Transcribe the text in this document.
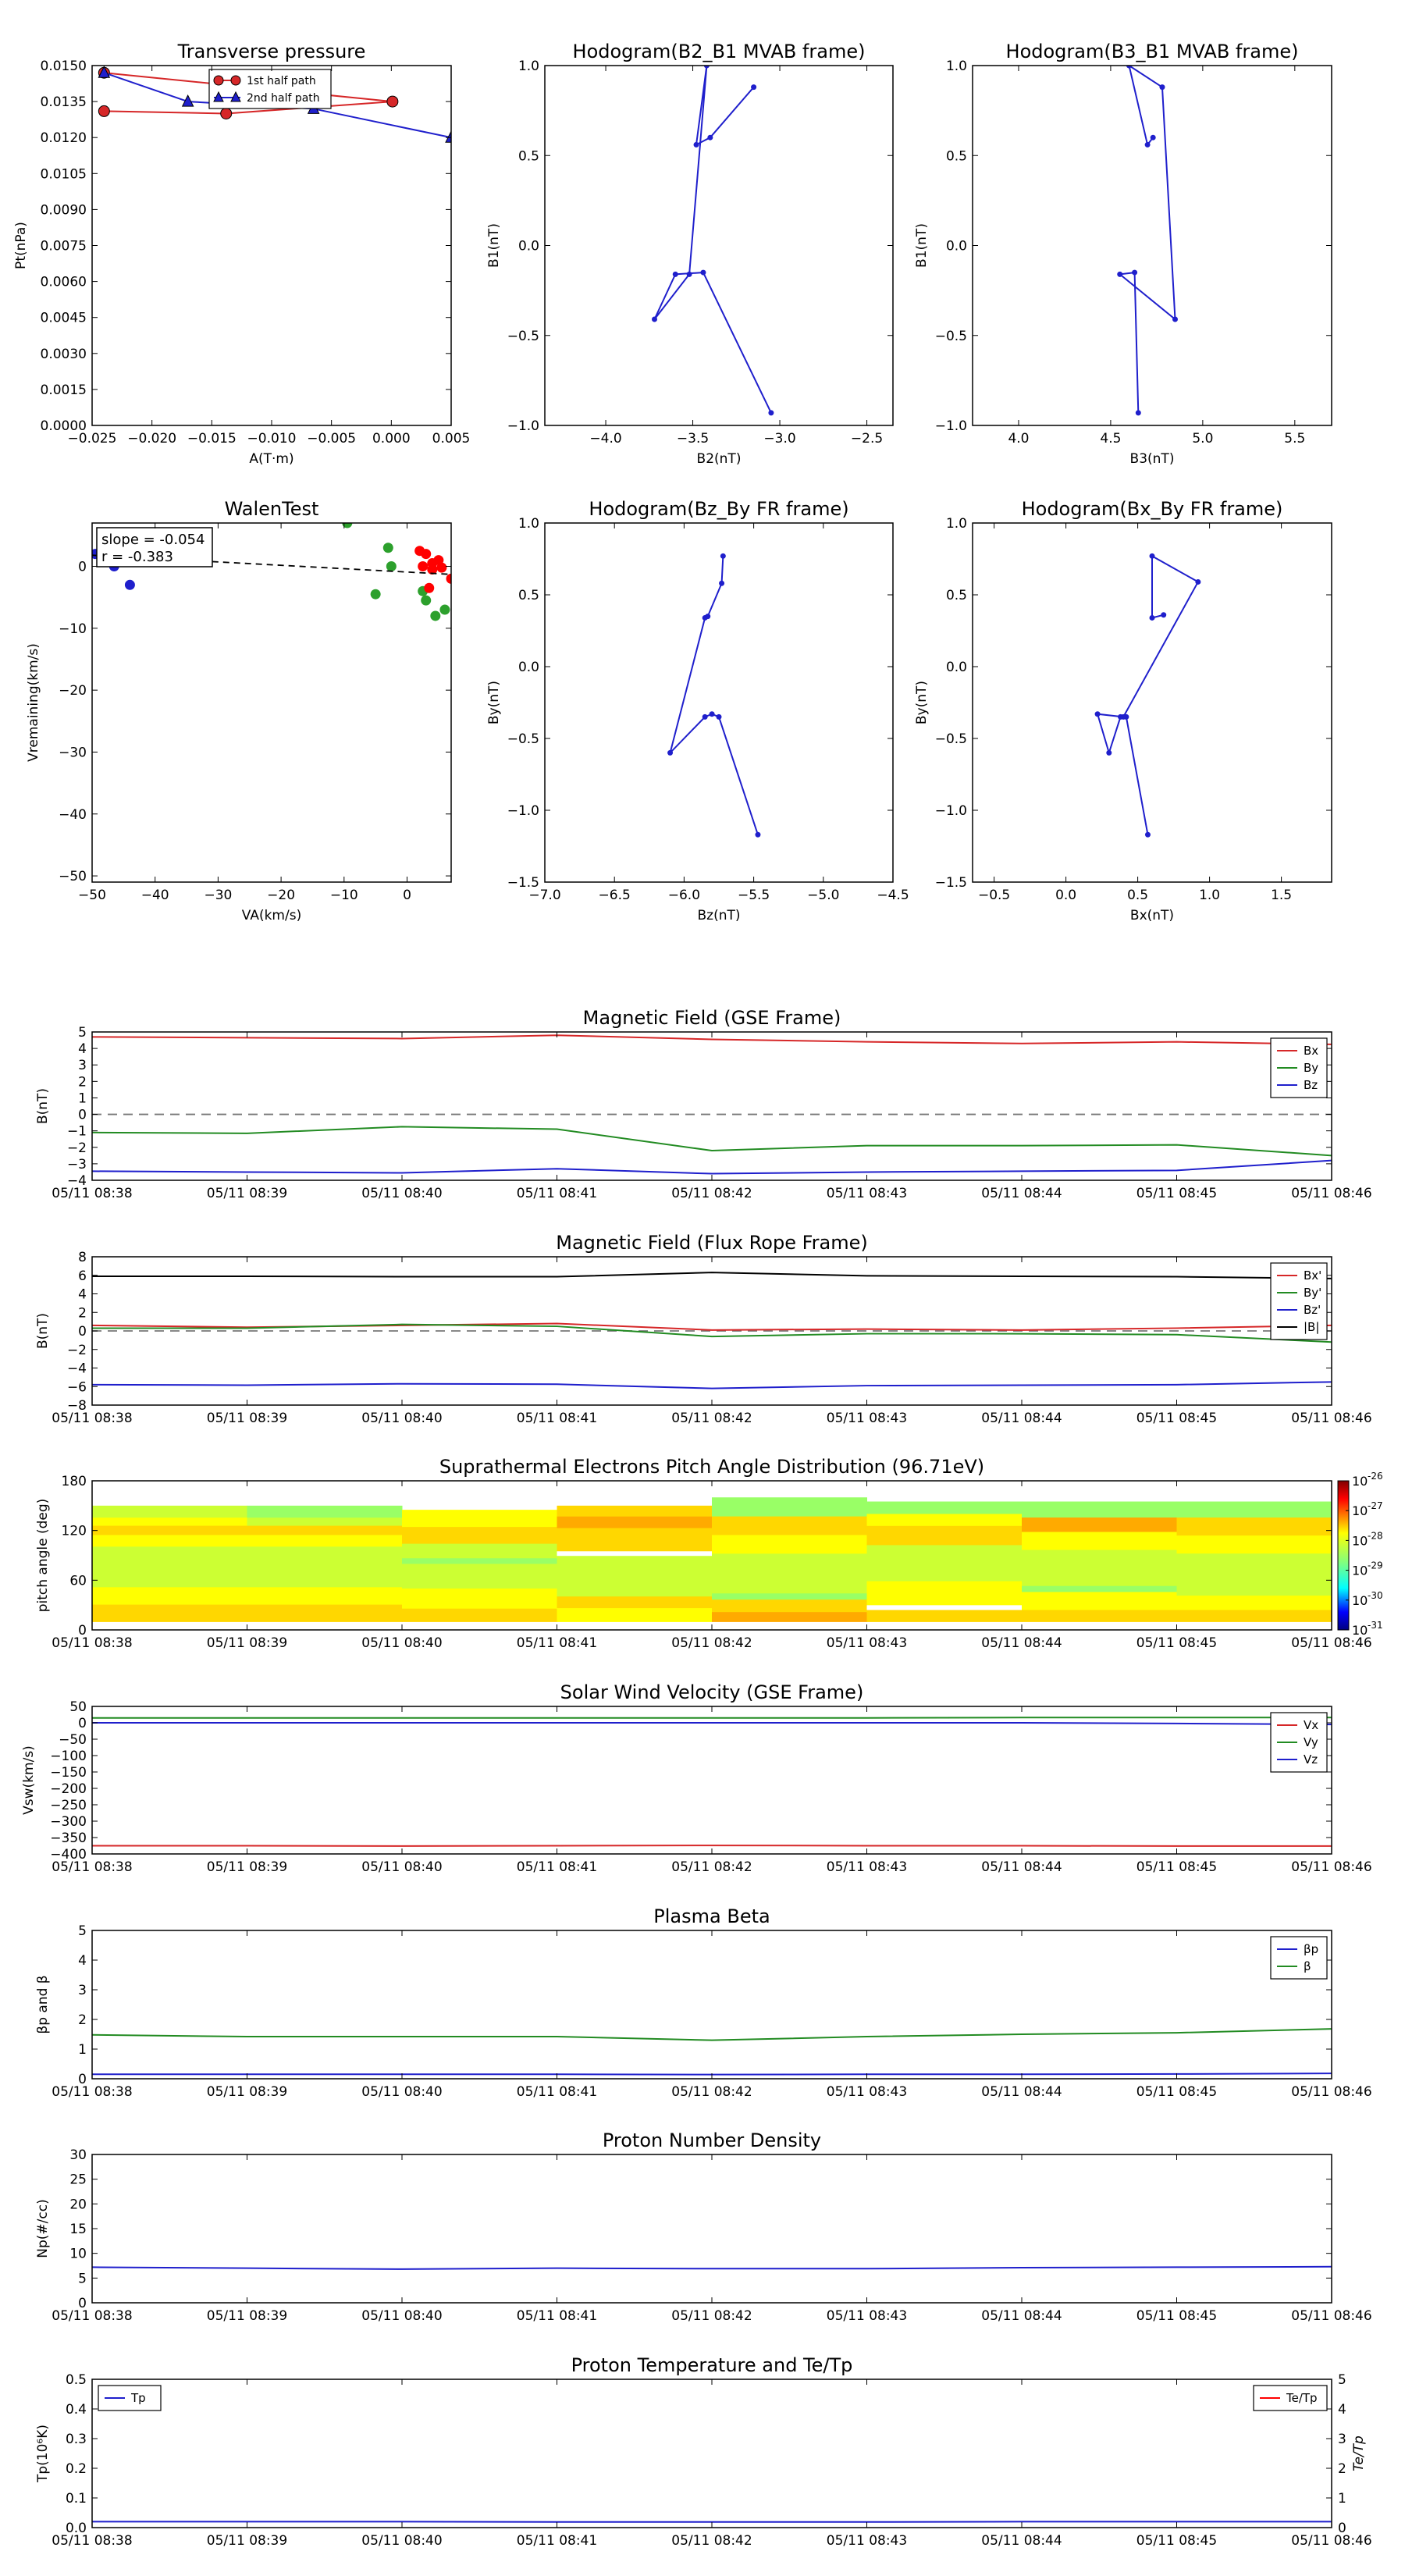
1st half path
2nd half path
−0.025 −0.020 −0.015 −0.010 −0.005 0.000 0.005
0.0000
0.0015
0.0030
0.0045
0.0060
0.0075
0.0090
0.0105
0.0120
0.0135
0.0150
Transverse pressure
A(T·m)
Pt(nPa)
−4.0	−3.5	−3.0	−2.5
−1.0
−0.5
0.0
0.5
1.0
Hodogram(B2_B1 MVAB frame)
B2(nT)
B1(nT)
4.0	4.5	5.0	5.5
−1.0
−0.5
0.0
0.5
1.0
Hodogram(B3_B1 MVAB frame)
B3(nT)
B1(nT)
slope = -0.054
r = -0.383
−50	−40	−30	−20	−10	0
−50
−40
−30
−20
−10
0
WalenTest
VA(km/s)
Vremaining(km/s)
−7.0	−6.5	−6.0	−5.5	−5.0	−4.5
−1.5
−1.0
−0.5
0.0
0.5
1.0
Hodogram(Bz_By FR frame)
Bz(nT)
By(nT)
−0.5	0.0	0.5	1.0	1.5
−1.5
−1.0
−0.5
0.0
0.5
1.0
Hodogram(Bx_By FR frame)
Bx(nT)
By(nT)
05/11 08:38	05/11 08:39	05/11 08:40	05/11 08:41	05/11 08:42	05/11 08:43	05/11 08:44	05/11 08:45	05/11 08:46
−4
−3
−2
−1
0
1
2
3
4
5
Magnetic Field (GSE Frame)
B(nT)
Bx
By
Bz
05/11 08:38	05/11 08:39	05/11 08:40	05/11 08:41	05/11 08:42	05/11 08:43	05/11 08:44	05/11 08:45	05/11 08:46
−8
−6
−4
−2
0
2
4
6
8
Magnetic Field (Flux Rope Frame)
B(nT)
Bx'
By'
Bz'
|B|
05/11 08:38	05/11 08:39	05/11 08:40	05/11 08:41	05/11 08:42	05/11 08:43	05/11 08:44	05/11 08:45	05/11 08:46
−400
−350
−300
−250
−200
−150
−100
−50
0
50
Solar Wind Velocity (GSE Frame)
Vsw(km/s)
Vx
Vy
Vz
05/11 08:38	05/11 08:39	05/11 08:40	05/11 08:41	05/11 08:42	05/11 08:43	05/11 08:44	05/11 08:45	05/11 08:46
0
1
2
3
4
5
Plasma Beta
βp and β
βp
β
05/11 08:38	05/11 08:39	05/11 08:40	05/11 08:41	05/11 08:42	05/11 08:43	05/11 08:44	05/11 08:45	05/11 08:46
0
5
10
15
20
25
30
Proton Number Density
Np(#/cc)
05/11 08:38	05/11 08:39	05/11 08:40	05/11 08:41	05/11 08:42	05/11 08:43	05/11 08:44	05/11 08:45	05/11 08:46
0.0
0.1
0.2
0.3
0.4
0.5
Proton Temperature and Te/Tp
Tp(10⁶K)
0
1
2
3
4
5
Te/Tp
Tp	Te/Tp
05/11 08:38	05/11 08:39	05/11 08:40	05/11 08:41	05/11 08:42	05/11 08:43	05/11 08:44	05/11 08:45	05/11 08:46
0
60
120
180
Suprathermal Electrons Pitch Angle Distribution (96.71eV)
pitch angle (deg)
10 -26
10 -27
10 -28
10 -29
10 -30
10 -31
